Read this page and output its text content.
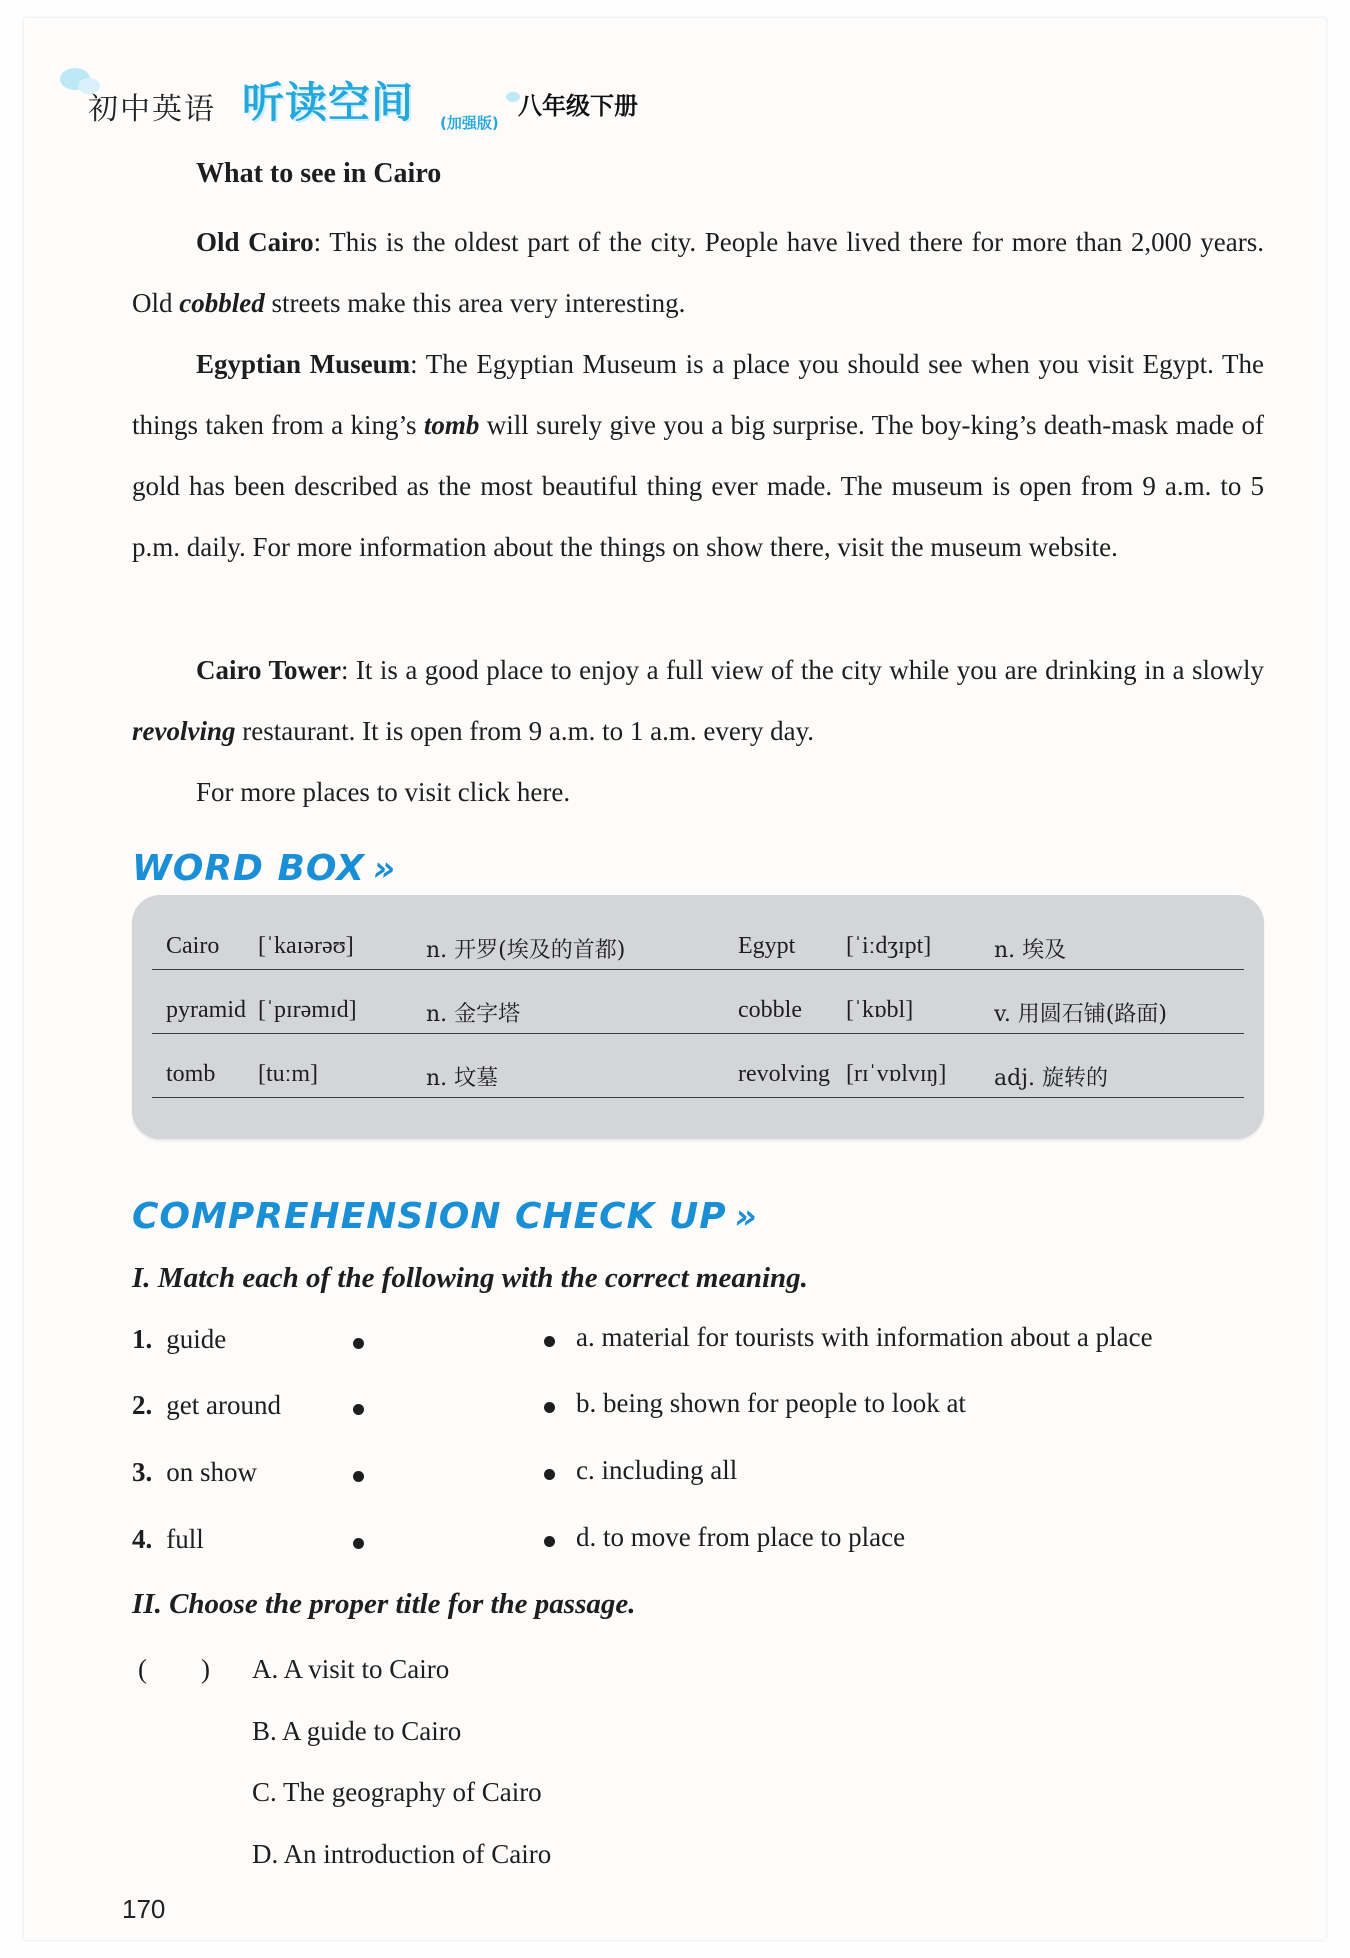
初中英语 听读空间 (加强版)
八年级下册
What to see in Cairo

Old Cairo: This is the oldest part of the city. People have lived there for more than 2,000 years. Old cobbled streets make this area very interesting.

Egyptian Museum: The Egyptian Museum is a place you should see when you visit Egypt. The things taken from a king’s tomb will surely give you a big surprise. The boy-king’s death-mask made of gold has been described as the most beautiful thing ever made. The museum is open from 9 a.m. to 5 p.m. daily. For more information about the things on show there, visit the museum website.

Cairo Tower: It is a good place to enjoy a full view of the city while you are drinking in a slowly revolving restaurant. It is open from 9 a.m. to 1 a.m. every day.

For more places to visit click here.

WORD BOX »
Cairo [ˈkaɪərəʊ]	n. 开罗(埃及的首都)	Egypt [ˈiːdʒɪpt]	n. 埃及
pyramid [ˈpɪrəmɪd]	n. 金字塔	cobble [ˈkɒbl]	v. 用圆石铺(路面)
tomb [tuːm]	n. 坟墓	revolving [rɪˈvɒlvɪŋ] adj. 旋转的
COMPREHENSION CHECK UP »
I. Match each of the following with the correct meaning.
1. guide
2. get around
3. on show
4. full
a. material for tourists with information about a place
b. being shown for people to look at
c. including all
d. to move from place to place
II. Choose the proper title for the passage.
(        ) A. A visit to Cairo
B. A guide to Cairo
C. The geography of Cairo
D. An introduction of Cairo
170
